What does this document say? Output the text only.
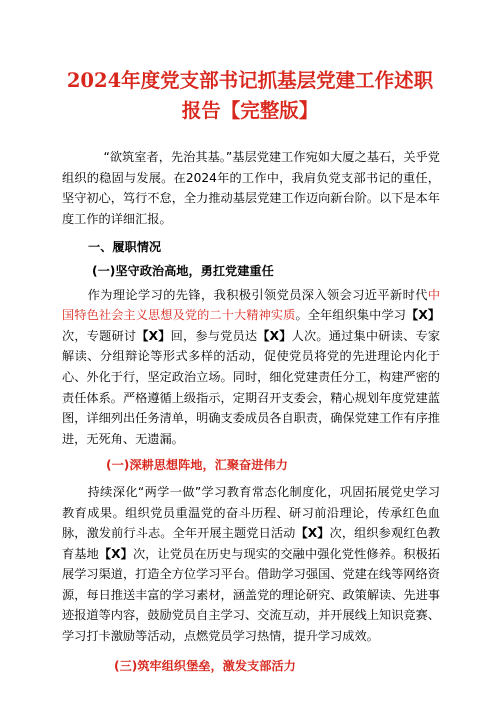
2024年度党支部书记抓基层党建工作述职
报告【完整版】

“欲筑室者，先治其基。”基层党建工作宛如大厦之基石，关乎党组织的稳固与发展。在2024年的工作中，我肩负党支部书记的重任，坚守初心，笃行不怠，全力推动基层党建工作迈向新台阶。以下是本年度工作的详细汇报。

一、履职情况

(一)坚守政治高地，勇扛党建重任

作为理论学习的先锋，我积极引领党员深入领会习近平新时代中国特色社会主义思想及党的二十大精神实质。全年组织集中学习【X】次，专题研讨【X】回，参与党员达【X】人次。通过集中研读、专家解读、分组辩论等形式多样的活动，促使党员将党的先进理论内化于心、外化于行，坚定政治立场。同时，细化党建责任分工，构建严密的责任体系。严格遵循上级指示，定期召开支委会，精心规划年度党建蓝图，详细列出任务清单，明确支委成员各自职责，确保党建工作有序推进，无死角、无遗漏。

(一)深耕思想阵地，汇聚奋进伟力

持续深化“两学一做”学习教育常态化制度化，巩固拓展党史学习教育成果。组织党员重温党的奋斗历程、研习前沿理论，传承红色血脉，激发前行斗志。全年开展主题党日活动【X】次，组织参观红色教育基地【X】次，让党员在历史与现实的交融中强化党性修养。积极拓展学习渠道，打造全方位学习平台。借助学习强国、党建在线等网络资源，每日推送丰富的学习素材，涵盖党的理论研究、政策解读、先进事迹报道等内容，鼓励党员自主学习、交流互动，并开展线上知识竞赛、学习打卡激励等活动，点燃党员学习热情，提升学习成效。

(三)筑牢组织堡垒，激发支部活力
